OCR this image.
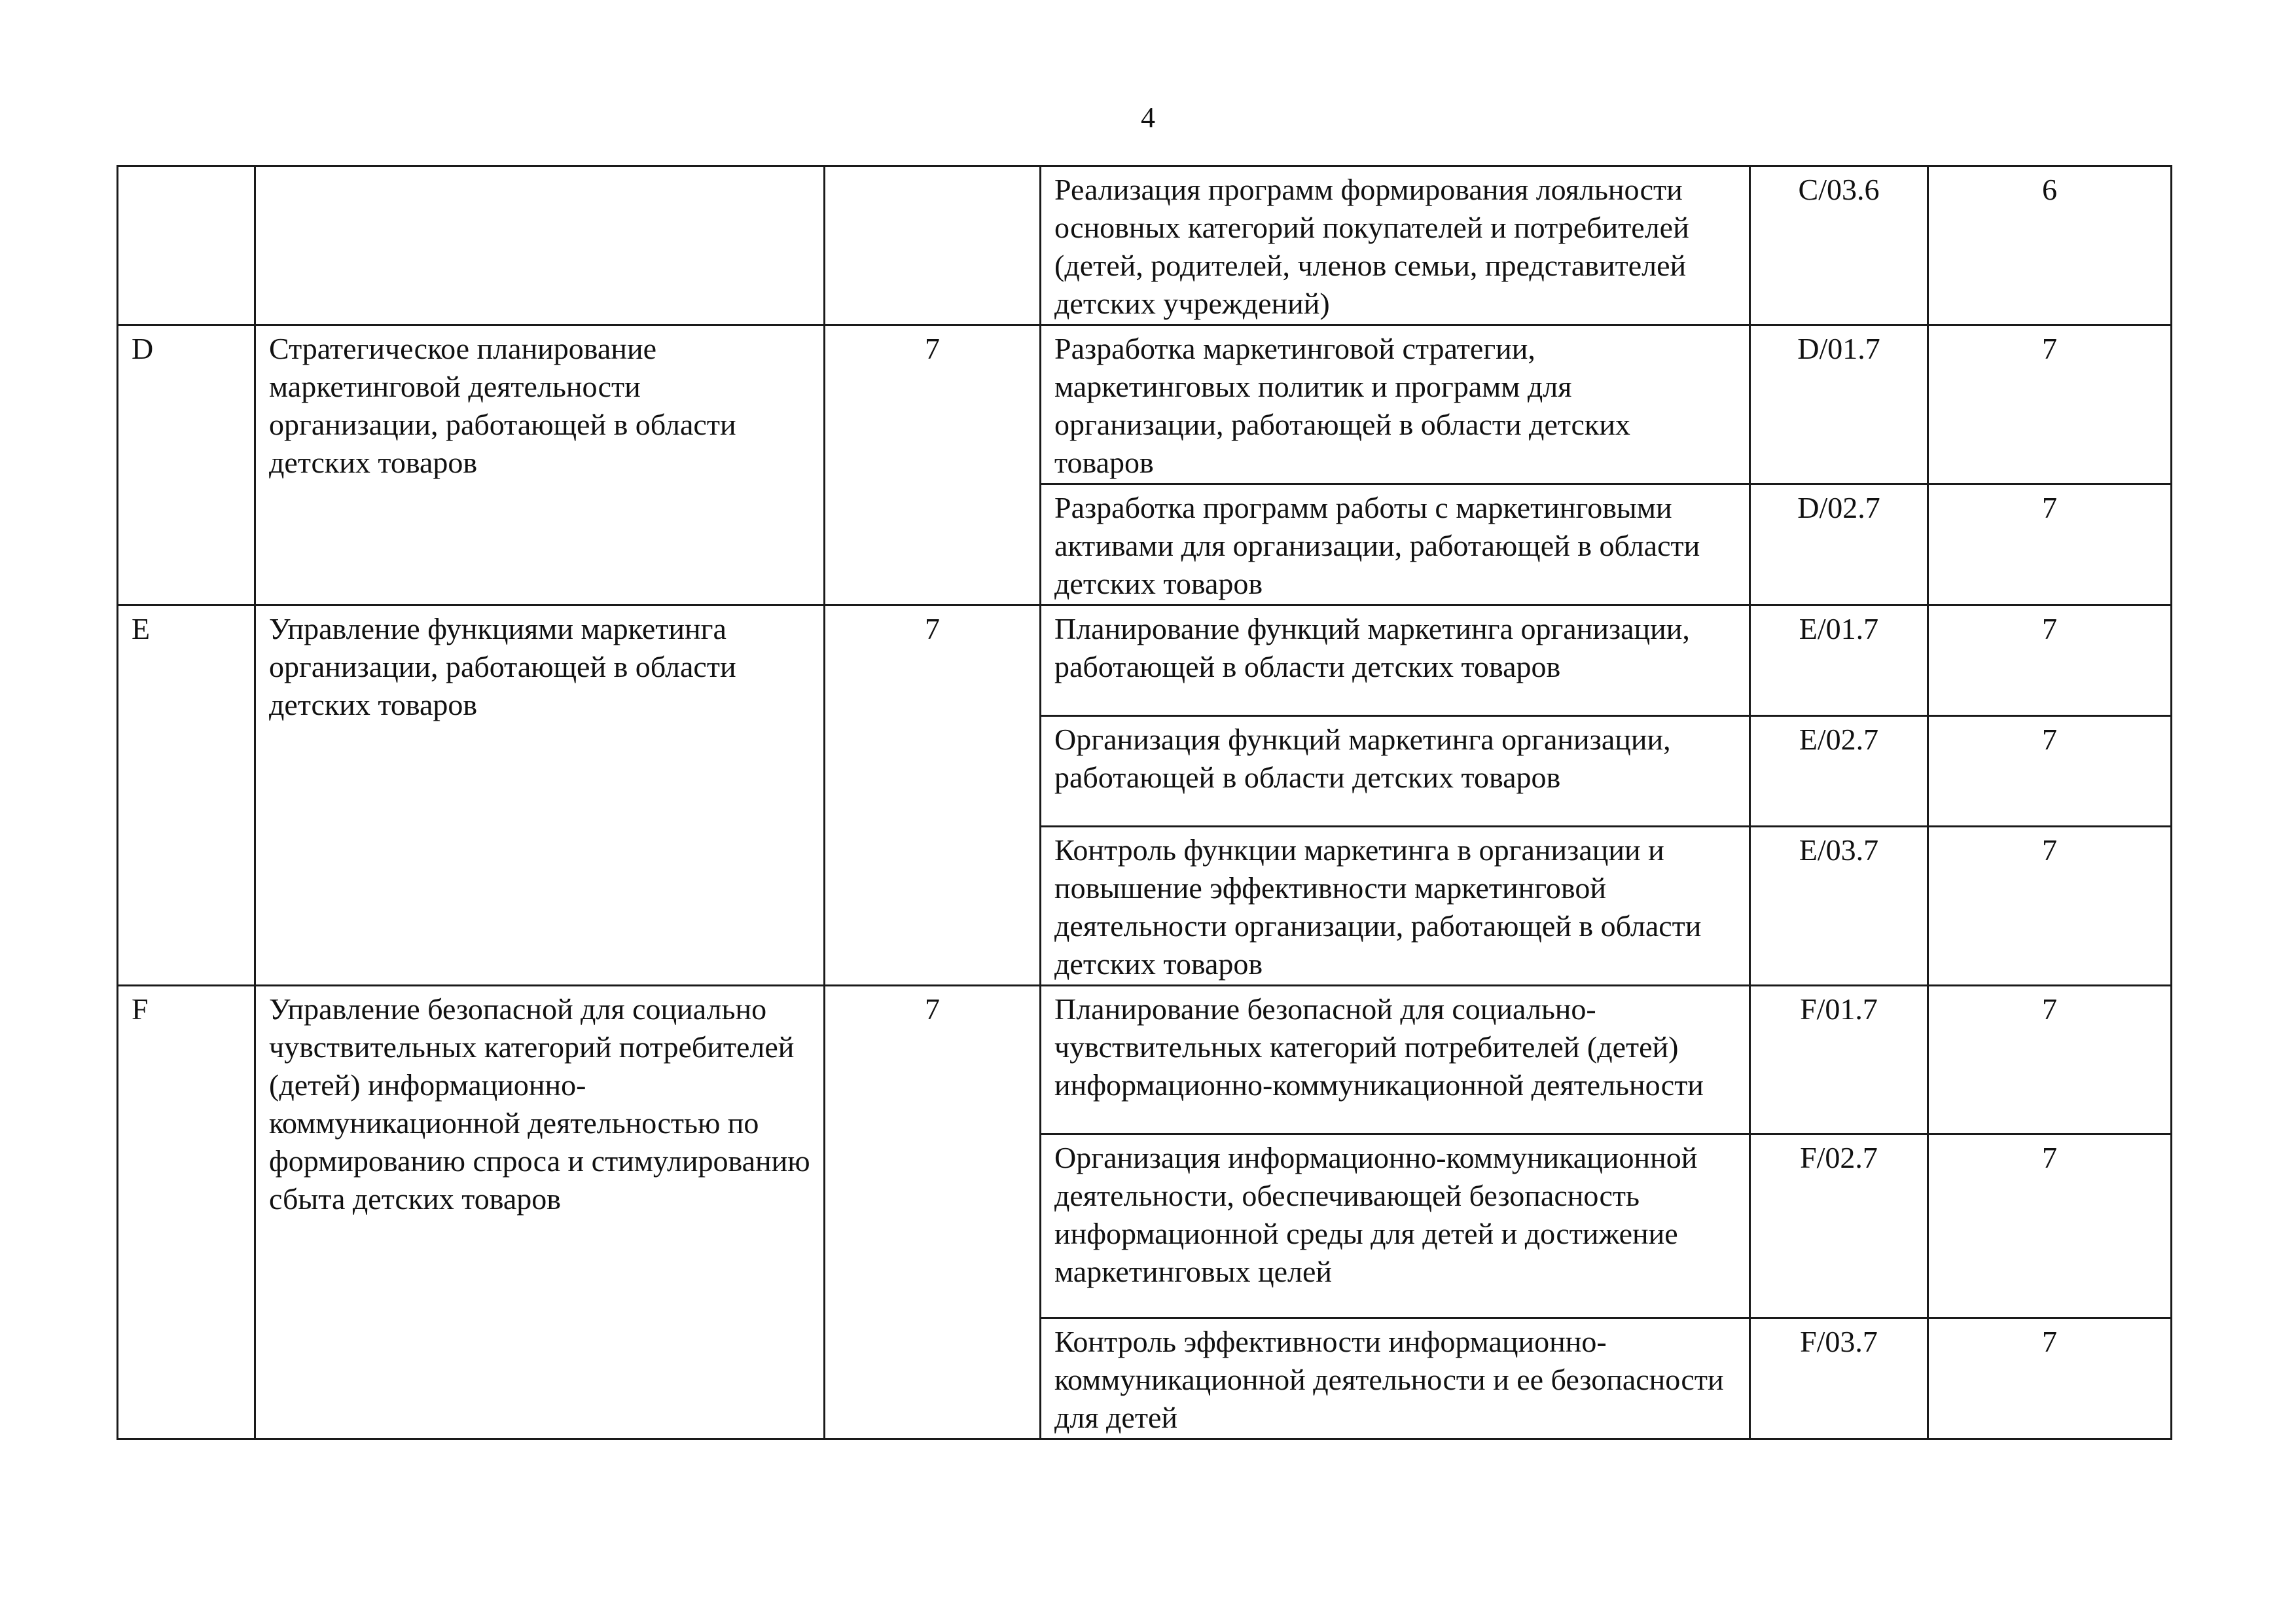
4
			Реализация программ формирования лояльности основных категорий покупателей и потребителей (детей, родителей, членов семьи, представителей детских учреждений)	С/03.6	6
D	Стратегическое планирование маркетинговой деятельности организации, работающей в области детских товаров	7	Разработка маркетинговой стратегии, маркетинговых политик и программ для организации, работающей в области детских товаров	D/01.7	7
			Разработка программ работы с маркетинговыми активами для организации, работающей в области детских товаров	D/02.7	7
E	Управление функциями маркетинга организации, работающей в области детских товаров	7	Планирование функций маркетинга организации, работающей в области детских товаров	E/01.7	7
			Организация функций маркетинга организации, работающей в области детских товаров	E/02.7	7
			Контроль функции маркетинга в организации и повышение эффективности маркетинговой деятельности организации, работающей в области детских товаров	E/03.7	7
F	Управление безопасной для социально чувствительных категорий потребителей (детей) информационно-коммуникационной деятельностью по формированию спроса и стимулированию сбыта детских товаров	7	Планирование безопасной для социально-чувствительных категорий потребителей (детей) информационно-коммуникационной деятельности	F/01.7	7
			Организация информационно-коммуникационной деятельности, обеспечивающей безопасность информационной среды для детей и достижение маркетинговых целей	F/02.7	7
			Контроль эффективности информационно-коммуникационной деятельности и ее безопасности для детей	F/03.7	7
